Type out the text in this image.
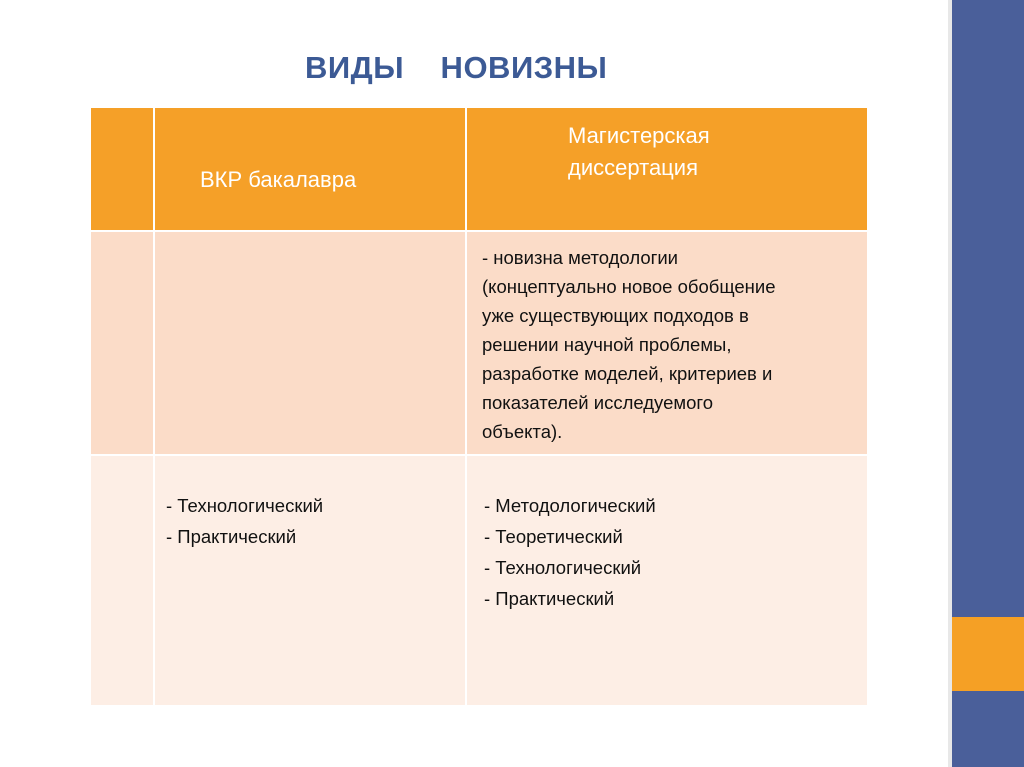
ВИДЫ    НОВИЗНЫ
ВКР бакалавра
Магистерская диссертация
- новизна методологии
(концептуально новое обобщение
уже существующих подходов в
решении научной проблемы,
разработке моделей, критериев и
показателей исследуемого
объекта).
- Технологический
- Практический
- Методологический
- Теоретический
- Технологический
- Практический
